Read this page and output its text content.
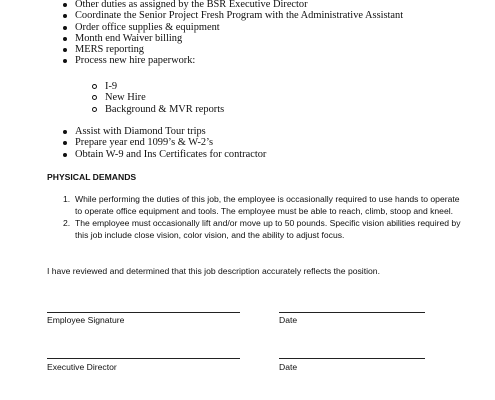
Other duties as assigned by the BSR Executive Director
Coordinate the Senior Project Fresh Program with the Administrative Assistant
Order office supplies & equipment
Month end Waiver billing
MERS reporting
Process new hire paperwork:
I-9
New Hire
Background & MVR reports
Assist with Diamond Tour trips
Prepare year end 1099’s & W-2’s
Obtain W-9 and Ins Certificates for contractor
PHYSICAL DEMANDS
1. While performing the duties of this job, the employee is occasionally required to use hands to operate to operate office equipment and tools. The employee must be able to reach, climb, stoop and kneel.
2. The employee must occasionally lift and/or move up to 50 pounds. Specific vision abilities required by this job include close vision, color vision, and the ability to adjust focus.
I have reviewed and determined that this job description accurately reflects the position.
Employee Signature	Date
Executive Director	Date
